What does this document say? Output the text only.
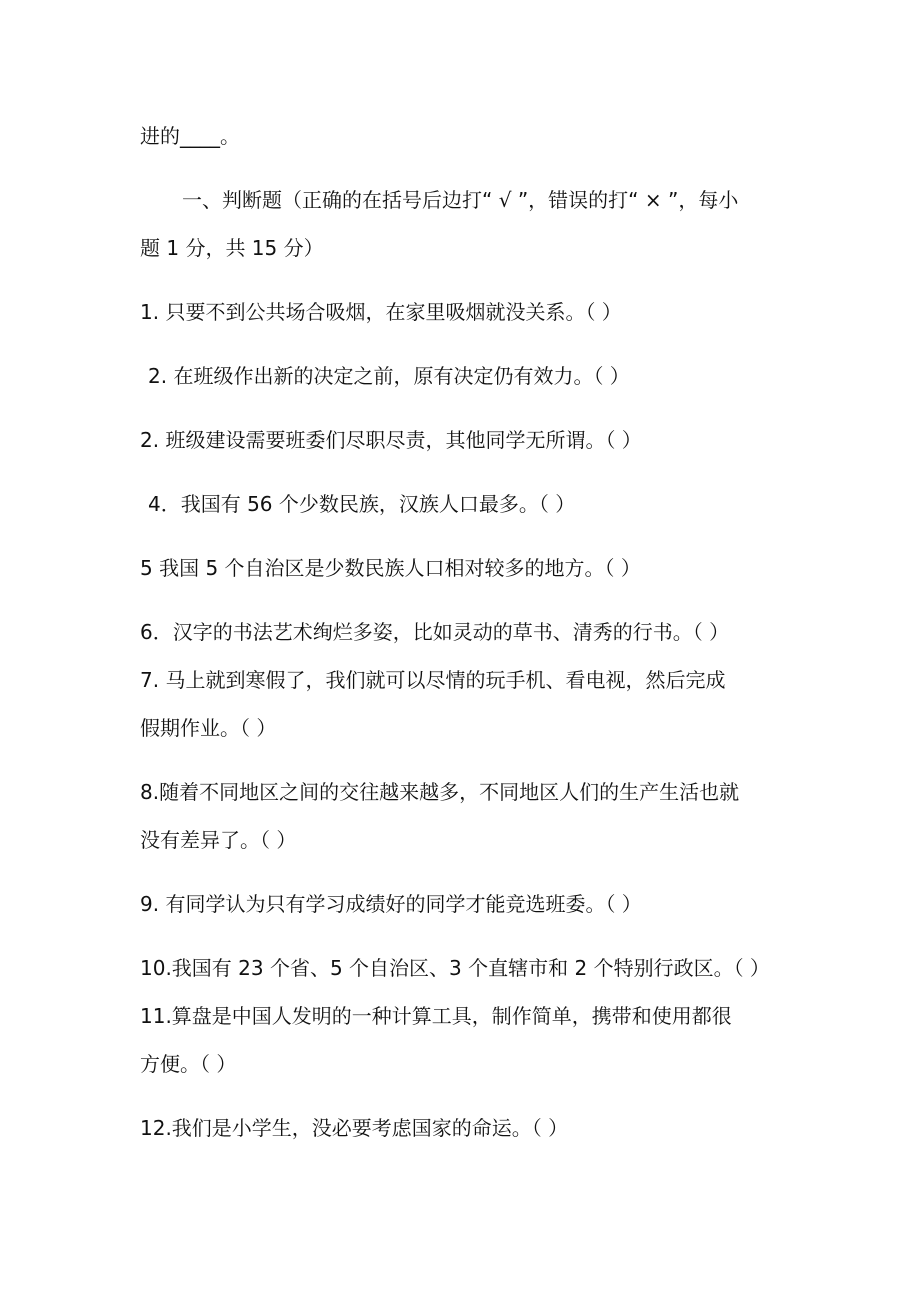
进的____。
一、判断题（正确的在括号后边打“ √ ”，错误的打“ × ”，每小
题 1 分，共 15 分）
1. 只要不到公共场合吸烟，在家里吸烟就没关系。（ ）
2. 在班级作出新的决定之前，原有决定仍有效力。（ ）
2. 班级建设需要班委们尽职尽责，其他同学无所谓。（ ）
4．我国有 56 个少数民族，汉族人口最多。（ ）
5 我国 5 个自治区是少数民族人口相对较多的地方。（ ）
6．汉字的书法艺术绚烂多姿，比如灵动的草书、清秀的行书。（ ）
7. 马上就到寒假了，我们就可以尽情的玩手机、看电视，然后完成
假期作业。（ ）
8.随着不同地区之间的交往越来越多，不同地区人们的生产生活也就
没有差异了。（ ）
9. 有同学认为只有学习成绩好的同学才能竞选班委。（ ）
10.我国有 23 个省、5 个自治区、3 个直辖市和 2 个特别行政区。（ ）
11.算盘是中国人发明的一种计算工具，制作简单，携带和使用都很
方便。（ ）
12.我们是小学生，没必要考虑国家的命运。（ ）
